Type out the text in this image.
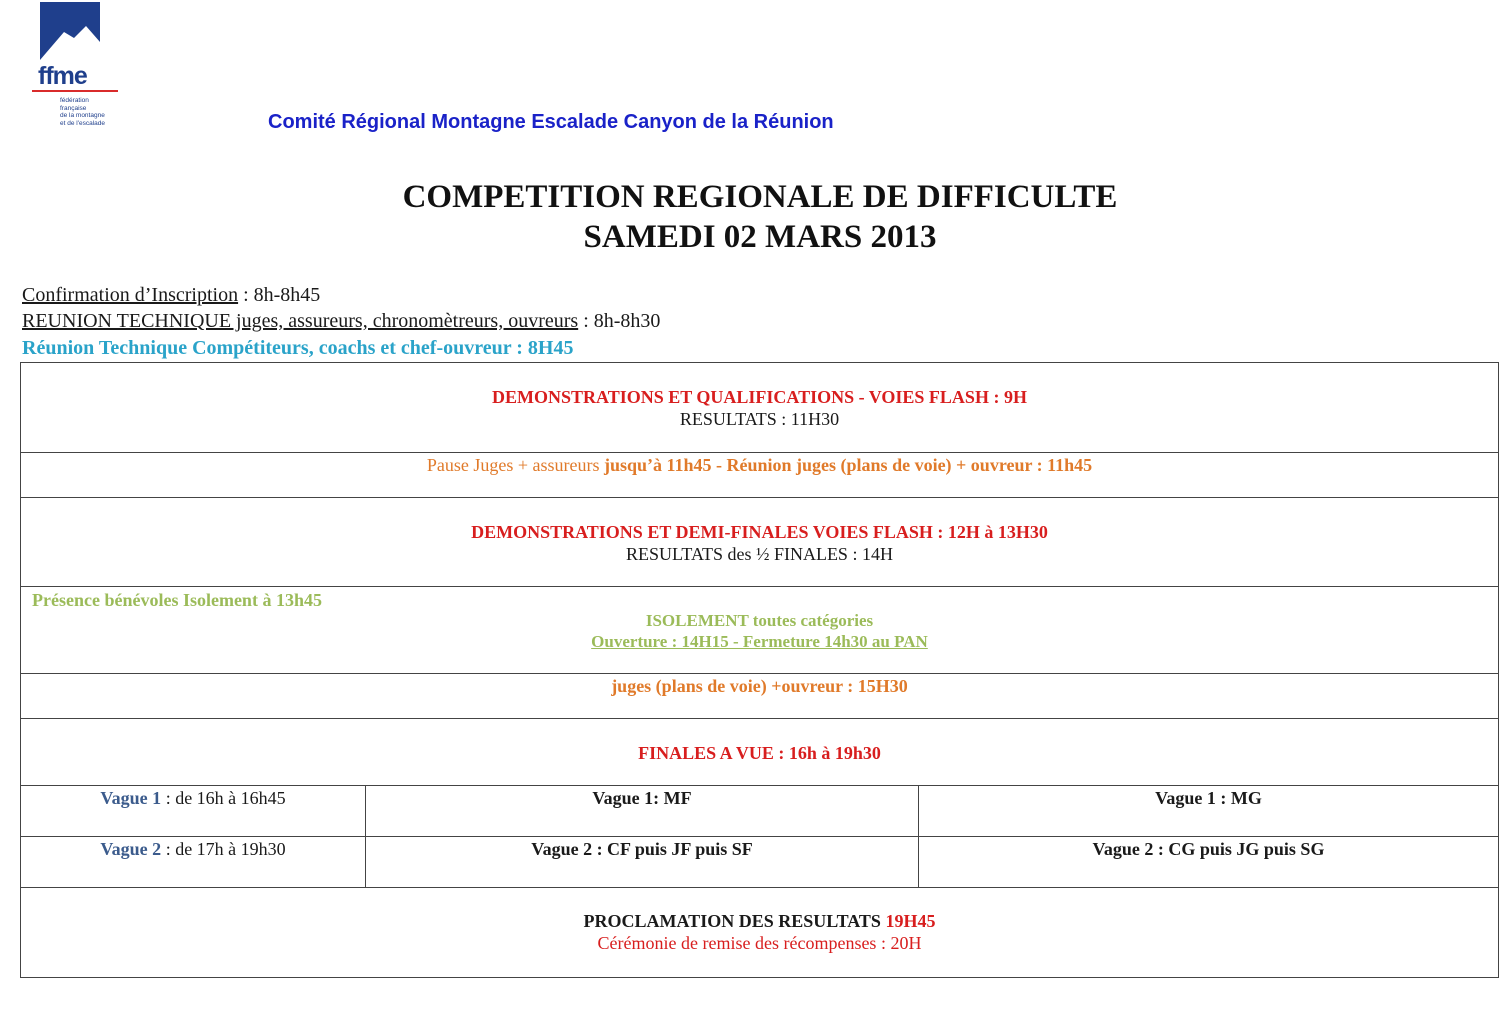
ffme
fédération
française
de la montagne
et de l'escalade	Comité Régional Montagne Escalade Canyon de la Réunion
COMPETITION REGIONALE DE DIFFICULTE
SAMEDI 02 MARS 2013
Confirmation d’Inscription : 8h-8h45
REUNION TECHNIQUE juges, assureurs, chronomètreurs, ouvreurs : 8h-8h30
Réunion Technique Compétiteurs, coachs et chef-ouvreur : 8H45
DEMONSTRATIONS ET QUALIFICATIONS - VOIES FLASH : 9H
RESULTATS : 11H30
Pause Juges + assureurs jusqu’à 11h45 - Réunion juges (plans de voie) + ouvreur : 11h45
DEMONSTRATIONS ET DEMI-FINALES VOIES FLASH : 12H à 13H30
RESULTATS des ½ FINALES : 14H
Présence bénévoles Isolement à 13h45
ISOLEMENT toutes catégories
Ouverture : 14H15 - Fermeture 14h30 au PAN
juges (plans de voie) +ouvreur : 15H30
FINALES A VUE : 16h à 19h30
Vague 1 : de 16h à 16h45	Vague 1: MF	Vague 1 : MG
Vague 2 : de 17h à 19h30	Vague 2 : CF puis JF puis SF	Vague 2 : CG puis JG puis SG
PROCLAMATION DES RESULTATS 19H45
Cérémonie de remise des récompenses : 20H
